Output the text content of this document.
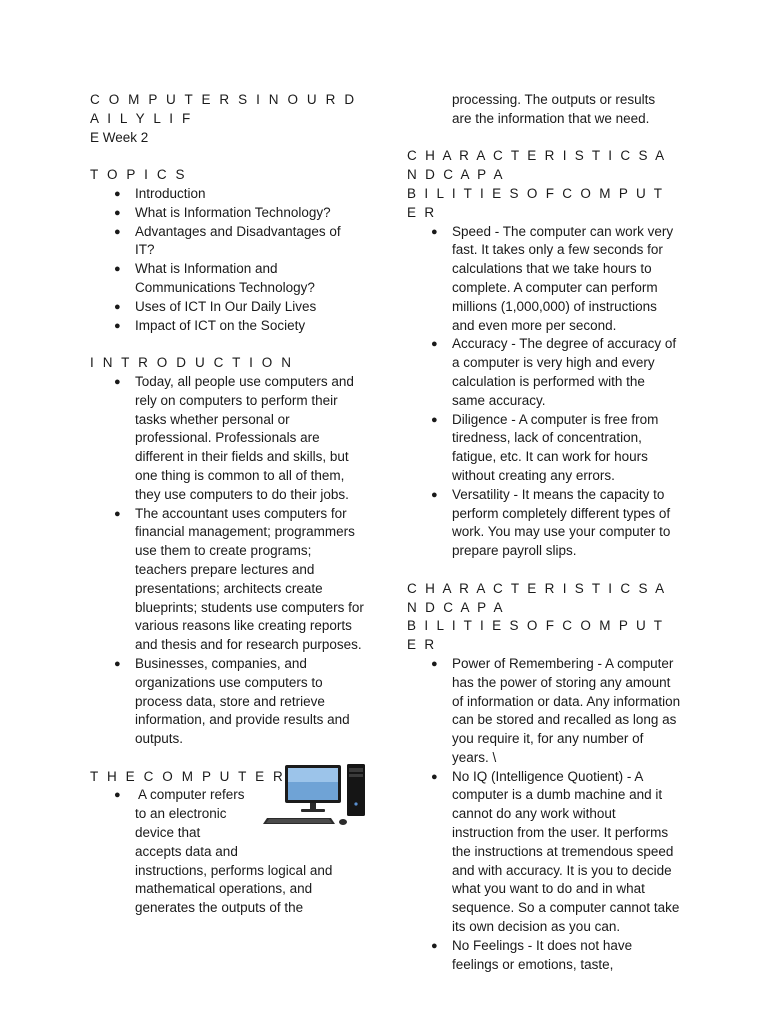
C O M P U T E R S I N O U R D A I L Y L I F
E Week 2
T O P I C S
● Introduction
● What is Information Technology?
● Advantages and Disadvantages of IT?
● What is Information and Communications Technology?
● Uses of ICT In Our Daily Lives
● Impact of ICT on the Society
I N T R O D U C T I O N
● Today, all people use computers and rely on computers to perform their tasks whether personal or professional. Professionals are different in their fields and skills, but one thing is common to all of them, they use computers to do their jobs.
● The accountant uses computers for financial management; programmers use them to create programs; teachers prepare lectures and presentations; architects create blueprints; students use computers for various reasons like creating reports and thesis and for research purposes.
● Businesses, companies, and organizations use computers to process data, store and retrieve information, and provide results and outputs.
T H E C O M P U T E R
● A computer refers
to an electronic
device that
accepts data and
instructions, performs logical and mathematical operations, and generates the outputs of the

processing. The outputs or results are the information that we need.

C H A R A C T E R I S T I C S A N D C A P A
B I L I T I E S O F C O M P U T E R
● Speed - The computer can work very fast. It takes only a few seconds for calculations that we take hours to complete. A computer can perform millions (1,000,000) of instructions and even more per second.
● Accuracy - The degree of accuracy of a computer is very high and every calculation is performed with the same accuracy.
● Diligence - A computer is free from tiredness, lack of concentration, fatigue, etc. It can work for hours without creating any errors.
● Versatility - It means the capacity to perform completely different types of work. You may use your computer to prepare payroll slips.
C H A R A C T E R I S T I C S A N D C A P A
B I L I T I E S O F C O M P U T E R
● Power of Remembering - A computer has the power of storing any amount of information or data. Any information can be stored and recalled as long as you require it, for any number of years. \
● No IQ (Intelligence Quotient) - A computer is a dumb machine and it cannot do any work without instruction from the user. It performs the instructions at tremendous speed and with accuracy. It is you to decide what you want to do and in what sequence. So a computer cannot take its own decision as you can.
● No Feelings - It does not have feelings or emotions, taste,
